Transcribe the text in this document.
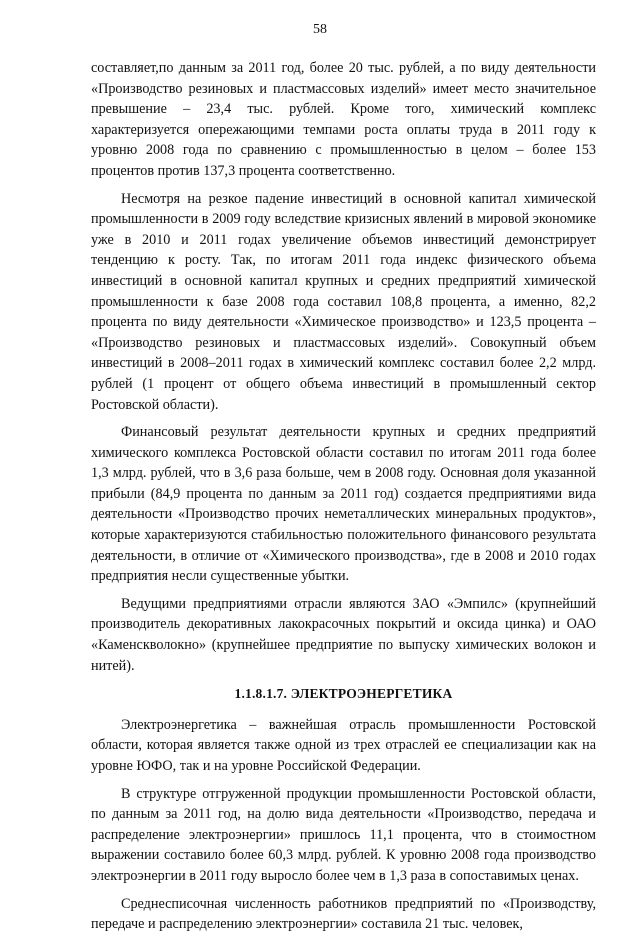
58

составляет,по данным за 2011 год, более 20 тыс. рублей, а по виду деятельности «Производство резиновых и пластмассовых изделий» имеет место значительное превышение – 23,4 тыс. рублей. Кроме того, химический комплекс характеризуется опережающими темпами роста оплаты труда в 2011 году к уровню 2008 года по сравнению с промышленностью в целом – более 153 процентов против 137,3 процента соответственно.

Несмотря на резкое падение инвестиций в основной капитал химической промышленности в 2009 году вследствие кризисных явлений в мировой экономике уже в 2010 и 2011 годах увеличение объемов инвестиций демонстрирует тенденцию к росту. Так, по итогам 2011 года индекс физического объема инвестиций в основной капитал крупных и средних предприятий химической промышленности к базе 2008 года составил 108,8 процента, а именно, 82,2 процента по виду деятельности «Химическое производство» и 123,5 процента – «Производство резиновых и пластмассовых изделий». Совокупный объем инвестиций в 2008–2011 годах в химический комплекс составил более 2,2 млрд. рублей (1 процент от общего объема инвестиций в промышленный сектор Ростовской области).

Финансовый результат деятельности крупных и средних предприятий химического комплекса Ростовской области составил по итогам 2011 года более 1,3 млрд. рублей, что в 3,6 раза больше, чем в 2008 году. Основная доля указанной прибыли (84,9 процента по данным за 2011 год) создается предприятиями вида деятельности «Производство прочих неметаллических минеральных продуктов», которые характеризуются стабильностью положительного финансового результата деятельности, в отличие от «Химического производства», где в 2008 и 2010 годах предприятия несли существенные убытки.

Ведущими предприятиями отрасли являются ЗАО «Эмпилс» (крупнейший производитель декоративных лакокрасочных покрытий и оксида цинка) и ОАО «Каменскволокно» (крупнейшее предприятие по выпуску химических волокон и нитей).

1.1.8.1.7. ЭЛЕКТРОЭНЕРГЕТИКА

Электроэнергетика – важнейшая отрасль промышленности Ростовской области, которая является также одной из трех отраслей ее специализации как на уровне ЮФО, так и на уровне Российской Федерации.

В структуре отгруженной продукции промышленности Ростовской области, по данным за 2011 год, на долю вида деятельности «Производство, передача и распределение электроэнергии» пришлось 11,1 процента, что в стоимостном выражении составило более 60,3 млрд. рублей. К уровню 2008 года производство электроэнергии в 2011 году выросло более чем в 1,3 раза в сопоставимых ценах.

Среднесписочная численность работников предприятий по «Производству, передаче и распределению электроэнергии» составила 21 тыс. человек,
